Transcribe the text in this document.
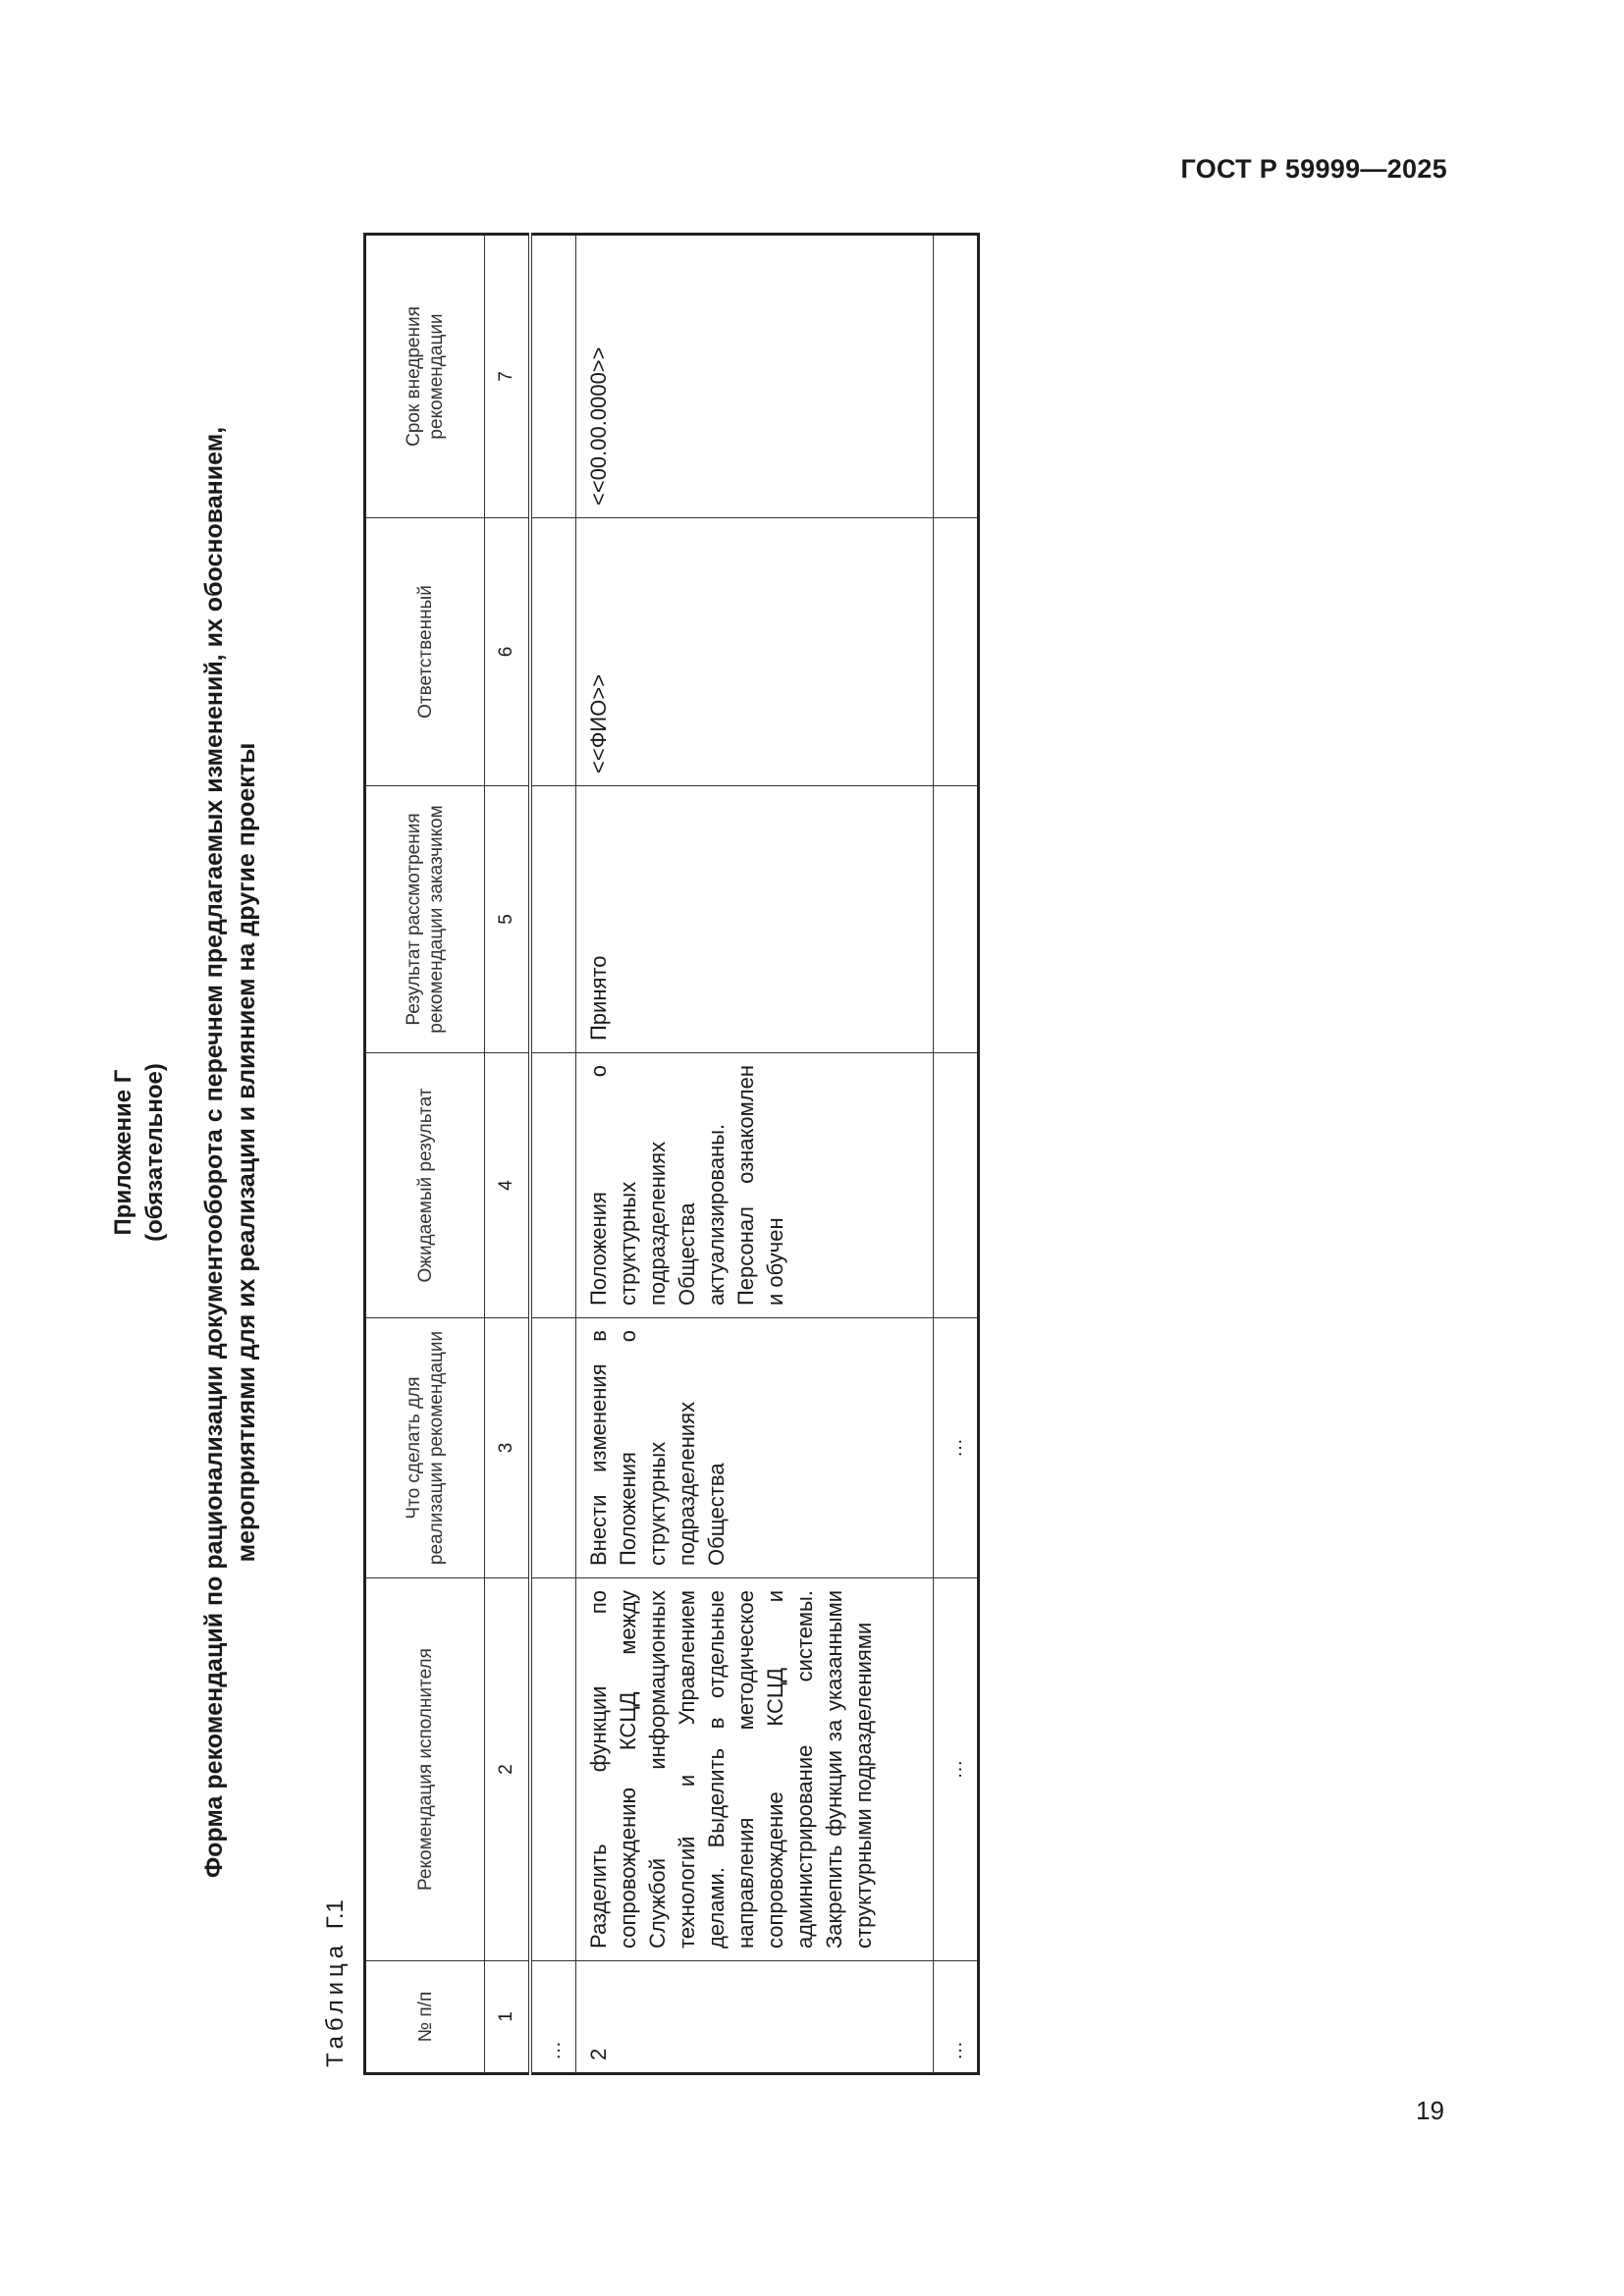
ГОСТ Р 59999—2025
Приложение Г (обязательное) Форма рекомендаций по рационализации документооборота с перечнем предлагаемых изменений, их обоснованием, мероприятиями для их реализации и влиянием на другие проекты
Таблица Г.1
№ п/п	Рекомендация исполнителя	Что сделать для реализации рекомендации	Ожидаемый результат	Результат рассмотрения рекомендации заказчиком	Ответственный	Срок внедрения рекомендации
1	2	3	4	5	6	7
…						
2	Разделить функции по сопровождению КСЦД между Службой информационных технологий и Управлением делами. Выделить в отдельные направления методическое сопровождение КСЦД и администрирование системы. Закрепить функции за указанными структурными подразделениями	Внести изменения в Положения о структурных подразделениях Общества	Положения о структурных подразделениях Общества актуализированы. Персонал ознакомлен и обучен	Принято	<<ФИО>>	<<00.00.0000>>
…	…	…				
19
